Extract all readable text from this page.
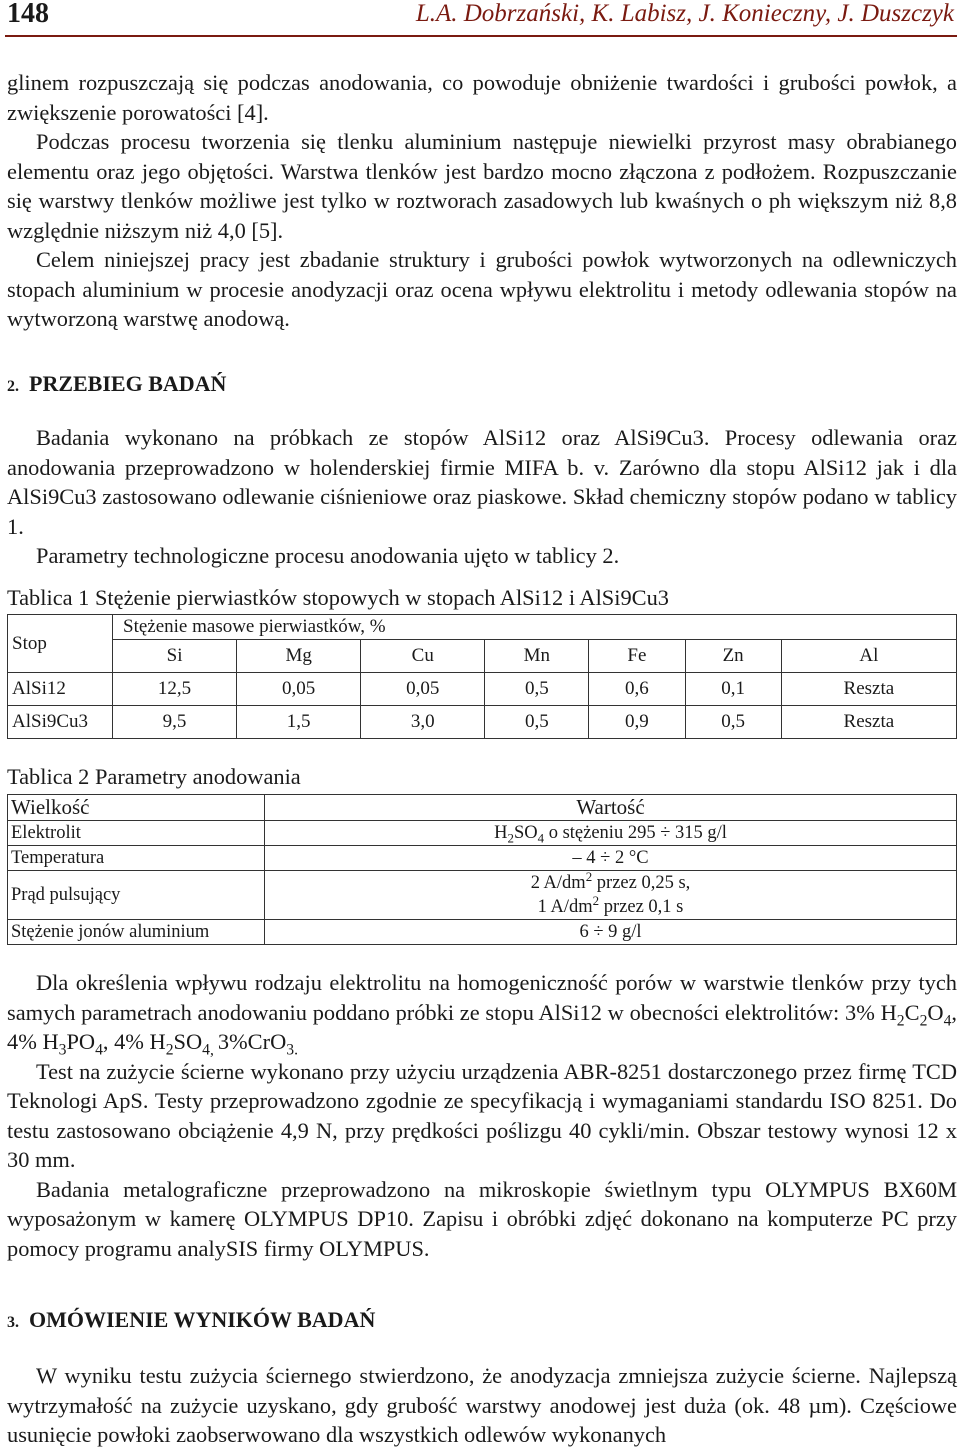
148	L.A. Dobrzański, K. Labisz, J. Konieczny, J. Duszczyk

glinem rozpuszczają się podczas anodowania, co powoduje obniżenie twardości i grubości powłok, a zwiększenie porowatości [4].

Podczas procesu tworzenia się tlenku aluminium następuje niewielki przyrost masy obrabianego elementu oraz jego objętości. Warstwa tlenków jest bardzo mocno złączona z podłożem. Rozpuszczanie się warstwy tlenków możliwe jest tylko w roztworach zasadowych lub kwaśnych o ph większym niż 8,8 względnie niższym niż 4,0 [5].

Celem niniejszej pracy jest zbadanie struktury i grubości powłok wytworzonych na odlewniczych stopach aluminium w procesie anodyzacji oraz ocena wpływu elektrolitu i metody odlewania stopów na wytworzoną warstwę anodową.

2. PRZEBIEG BADAŃ

Badania wykonano na próbkach ze stopów AlSi12 oraz AlSi9Cu3. Procesy odlewania oraz anodowania przeprowadzono w holenderskiej firmie MIFA b. v. Zarówno dla stopu AlSi12 jak i dla AlSi9Cu3 zastosowano odlewanie ciśnieniowe oraz piaskowe. Skład chemiczny stopów podano w tablicy 1.

Parametry technologiczne procesu anodowania ujęto w tablicy 2.

Tablica 1 Stężenie pierwiastków stopowych w stopach AlSi12 i AlSi9Cu3
Stop	Stężenie masowe pierwiastków, %						
	Si	Mg	Cu	Mn	Fe	Zn	Al
AlSi12	12,5	0,05	0,05	0,5	0,6	0,1	Reszta
AlSi9Cu3	9,5	1,5	3,0	0,5	0,9	0,5	Reszta
Tablica 2 Parametry anodowania
Wielkość	Wartość
Elektrolit	$H_2SO_4$ o stężeniu 295 ÷ 315 g/l
Temperatura	– 4 ÷ 2 °C
Prąd pulsujący	2 $A/dm^2$ przez 0,25 s,
1 $A/dm^2$ przez 0,1 s

Stężenie jonów aluminium	6 ÷ 9 g/l

Dla określenia wpływu rodzaju elektrolitu na homogeniczność porów w warstwie tlenków przy tych samych parametrach anodowaniu poddano próbki ze stopu AlSi12 w obecności elektrolitów: 3% $H_2C_2O_4$, 4% $H_3PO_4$, 4% $H_2SO_{4,}$ 3%CrO$_{3.}$

Test na zużycie ścierne wykonano przy użyciu urządzenia ABR-8251 dostarczonego przez firmę TCD Teknologi ApS. Testy przeprowadzono zgodnie ze specyfikacją i wymaganiami standardu ISO 8251. Do testu zastosowano obciążenie 4,9 N, przy prędkości poślizgu 40 cykli/min. Obszar testowy wynosi 12 x 30 mm.

Badania metalograficzne przeprowadzono na mikroskopie świetlnym typu OLYMPUS BX60M wyposażonym w kamerę OLYMPUS DP10. Zapisu i obróbki zdjęć dokonano na komputerze PC przy pomocy programu analySIS firmy OLYMPUS.

3. OMÓWIENIE WYNIKÓW BADAŃ

W wyniku testu zużycia ściernego stwierdzono, że anodyzacja zmniejsza zużycie ścierne. Najlepszą wytrzymałość na zużycie uzyskano, gdy grubość warstwy anodowej jest duża (ok. 48 µm). Częściowe usunięcie powłoki zaobserwowano dla wszystkich odlewów wykonanych
